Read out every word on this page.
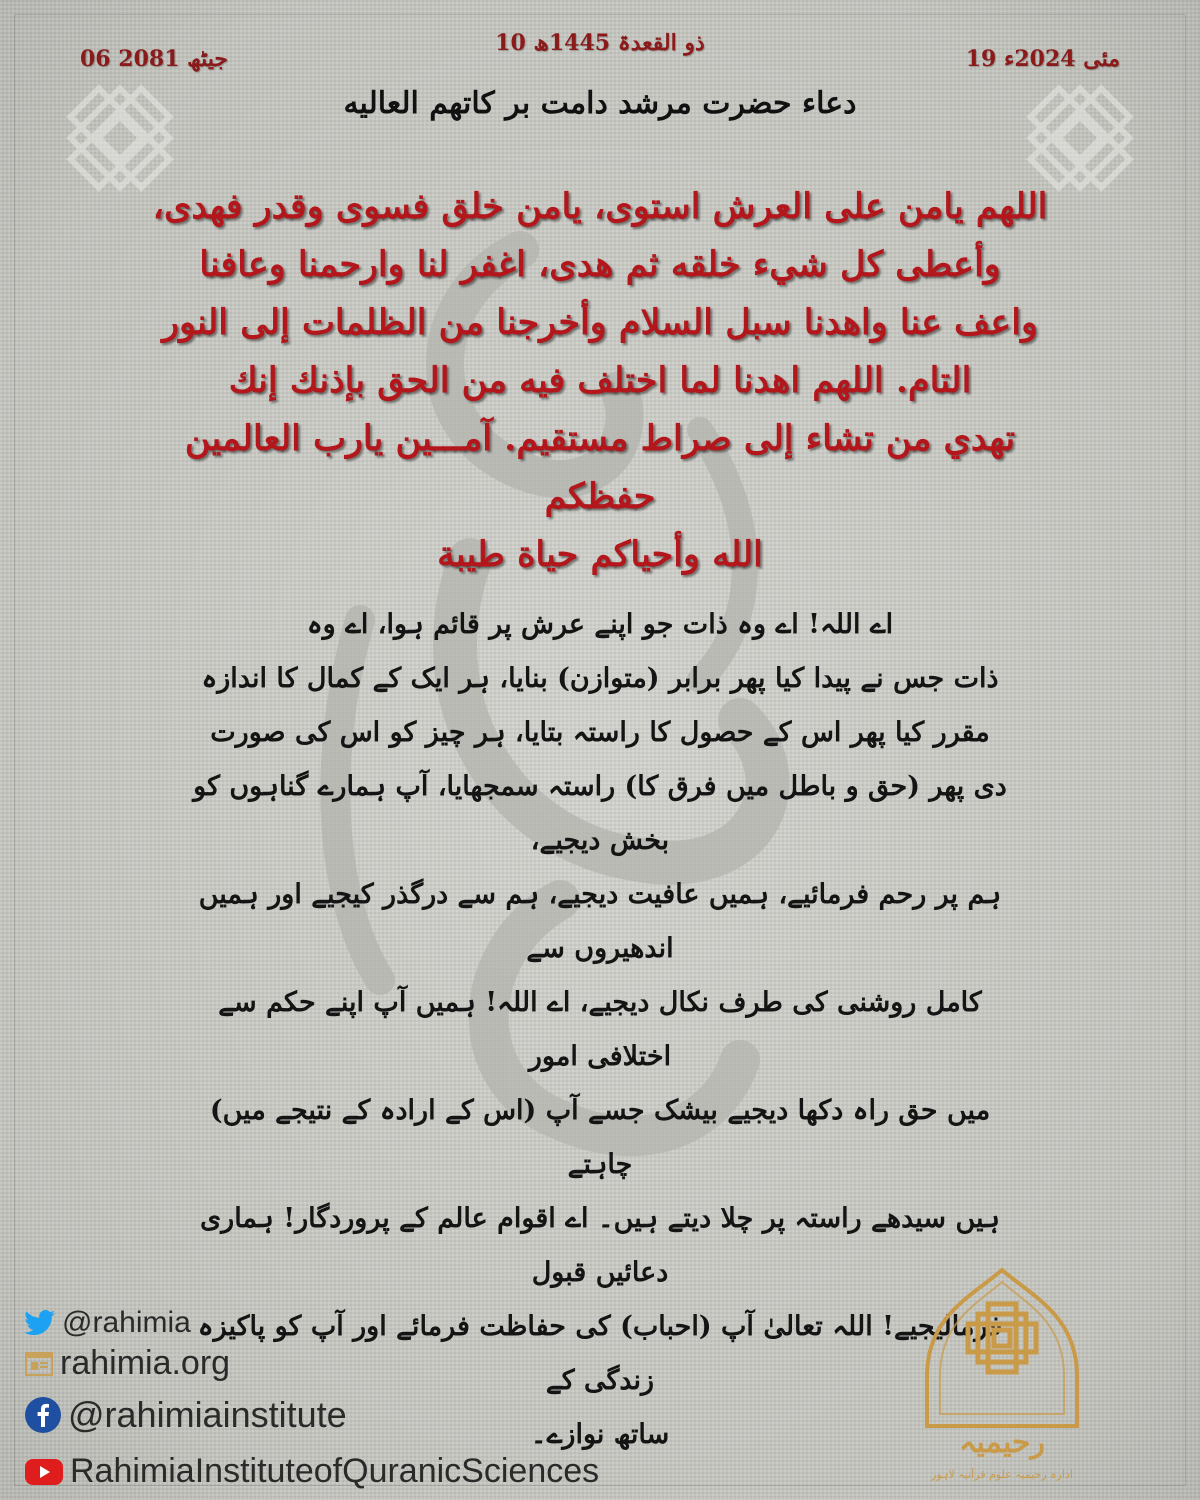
10 ذو القعدۃ 1445ھ
19 مئی 2024ء
06 جیٹھ 2081
دعاء حضرت مرشد دامت بر کاتھم العالیه
اللهم يامن على العرش استوى، يامن خلق فسوى وقدر فهدى،
وأعطى كل شيء خلقه ثم هدى، اغفر لنا وارحمنا وعافنا
واعف عنا واهدنا سبل السلام وأخرجنا من الظلمات إلى النور
التام. اللهم اهدنا لما اختلف فيه من الحق بإذنك إنك
تهدي من تشاء إلى صراط مستقيم. آمـــين يارب العالمين حفظكم
الله وأحياكم حياة طيبة
اے اللہ! اے وہ ذات جو اپنے عرش پر قائم ہوا، اے وہ
ذات جس نے پیدا کیا پھر برابر (متوازن) بنایا، ہر ایک کے کمال کا اندازہ
مقرر کیا پھر اس کے حصول کا راستہ بتایا، ہر چیز کو اس کی صورت
دی پھر (حق و باطل میں فرق کا) راستہ سمجھایا، آپ ہمارے گناہوں کو بخش دیجیے،
ہم پر رحم فرمائیے، ہمیں عافیت دیجیے، ہم سے درگذر کیجیے اور ہمیں اندھیروں سے
کامل روشنی کی طرف نکال دیجیے، اے اللہ! ہمیں آپ اپنے حکم سے اختلافی امور
میں حق راہ دکھا دیجیے بیشک جسے آپ (اس کے ارادہ کے نتیجے میں) چاہتے
ہیں سیدھے راستہ پر چلا دیتے ہیں۔ اے اقوام عالم کے پروردگار! ہماری دعائیں قبول
فرمالیجیے! اللہ تعالیٰ آپ (احباب) کی حفاظت فرمائے اور آپ کو پاکیزہ زندگی کے
ساتھ نوازے۔
@rahimia
rahimia.org
@rahimiainstitute
RahimiaInstituteofQuranicSciences
رحیمیہ
ادارہ رحیمیہ علوم قرآنیہ لاہور
